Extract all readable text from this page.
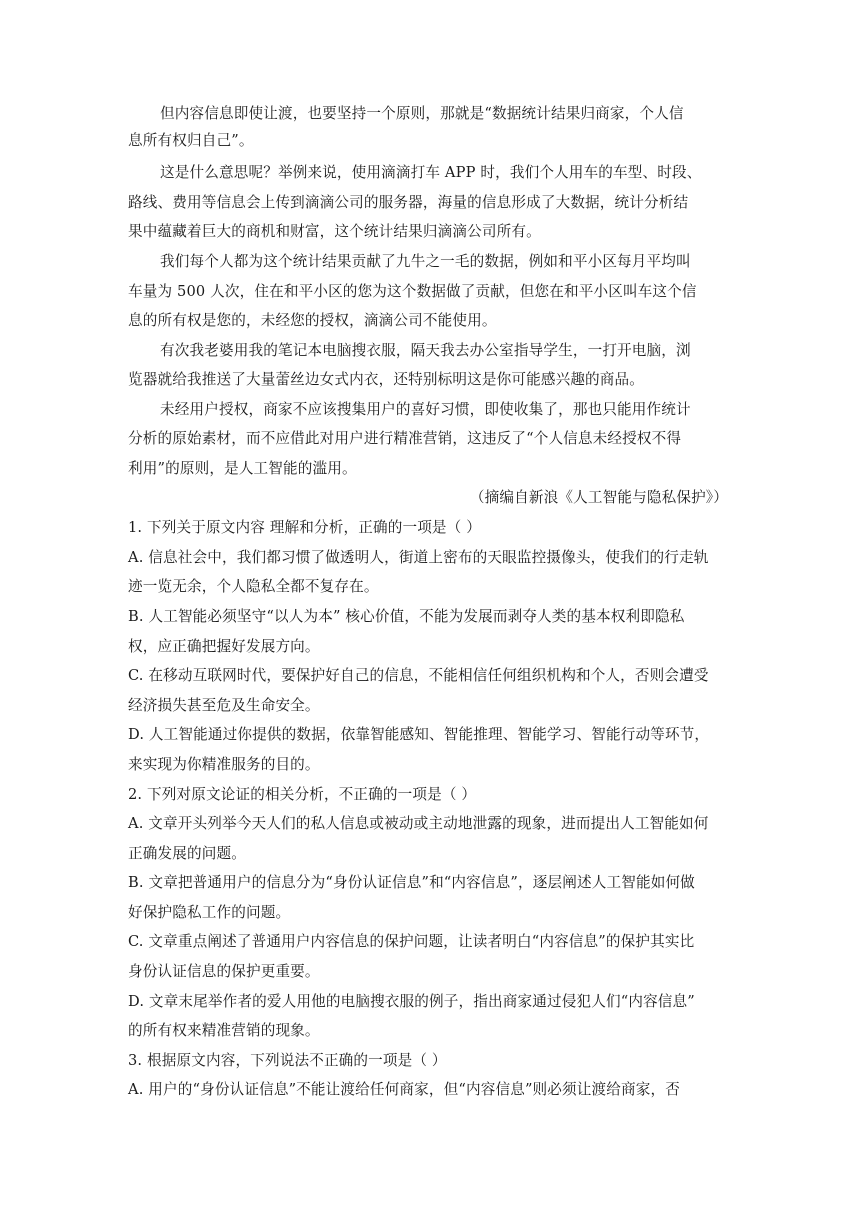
但内容信息即使让渡，也要坚持一个原则，那就是“数据统计结果归商家，个人信
息所有权归自己”。
这是什么意思呢？举例来说，使用滴滴打车 APP 时，我们个人用车的车型、时段、
路线、费用等信息会上传到滴滴公司的服务器，海量的信息形成了大数据，统计分析结
果中蕴藏着巨大的商机和财富，这个统计结果归滴滴公司所有。
我们每个人都为这个统计结果贡献了九牛之一毛的数据，例如和平小区每月平均叫
车量为 500 人次，住在和平小区的您为这个数据做了贡献，但您在和平小区叫车这个信
息的所有权是您的，未经您的授权，滴滴公司不能使用。
有次我老婆用我的笔记本电脑搜衣服，隔天我去办公室指导学生，一打开电脑，浏
览器就给我推送了大量蕾丝边女式内衣，还特别标明这是你可能感兴趣的商品。
未经用户授权，商家不应该搜集用户的喜好习惯，即使收集了，那也只能用作统计
分析的原始素材，而不应借此对用户进行精准营销，这违反了“个人信息未经授权不得
利用”的原则，是人工智能的滥用。
（摘编自新浪《人工智能与隐私保护》）
1. 下列关于原文内容 理解和分析，正确的一项是（ ）
A. 信息社会中，我们都习惯了做透明人，街道上密布的天眼监控摄像头，使我们的行走轨
迹一览无余，个人隐私全都不复存在。
B. 人工智能必须坚守“以人为本” 核心价值，不能为发展而剥夺人类的基本权利即隐私
权，应正确把握好发展方向。
C. 在移动互联网时代，要保护好自己的信息，不能相信任何组织机构和个人，否则会遭受
经济损失甚至危及生命安全。
D. 人工智能通过你提供的数据，依靠智能感知、智能推理、智能学习、智能行动等环节，
来实现为你精准服务的目的。
2. 下列对原文论证的相关分析，不正确的一项是（ ）
A. 文章开头列举今天人们的私人信息或被动或主动地泄露的现象，进而提出人工智能如何
正确发展的问题。
B. 文章把普通用户的信息分为“身份认证信息”和“内容信息”，逐层阐述人工智能如何做
好保护隐私工作的问题。
C. 文章重点阐述了普通用户内容信息的保护问题，让读者明白“内容信息”的保护其实比
身份认证信息的保护更重要。
D. 文章末尾举作者的爱人用他的电脑搜衣服的例子，指出商家通过侵犯人们“内容信息”
的所有权来精准营销的现象。
3. 根据原文内容，下列说法不正确的一项是（ ）
A. 用户的“身份认证信息”不能让渡给任何商家，但“内容信息”则必须让渡给商家，否
